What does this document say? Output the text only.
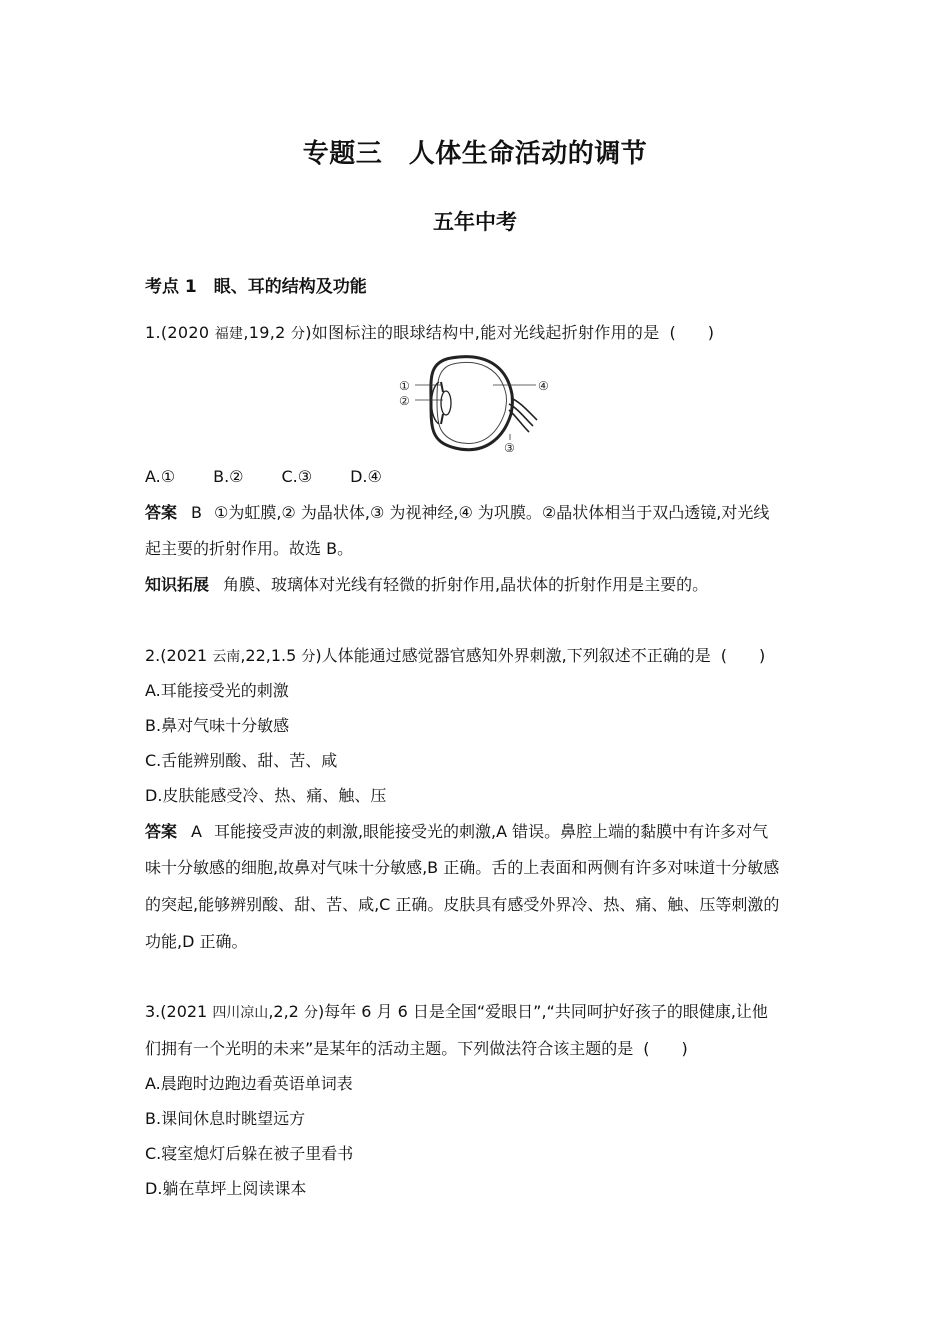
专题三　人体生命活动的调节
五年中考
考点 1　眼、耳的结构及功能
1.(2020 福建,19,2 分)如图标注的眼球结构中,能对光线起折射作用的是 (　　)
①
②
③
④
A.① B.② C.③ D.④
答案 B ①为虹膜,② 为晶状体,③ 为视神经,④ 为巩膜。②晶状体相当于双凸透镜,对光线
起主要的折射作用。故选 B。
知识拓展 角膜、玻璃体对光线有轻微的折射作用,晶状体的折射作用是主要的。
2.(2021 云南,22,1.5 分)人体能通过感觉器官感知外界刺激,下列叙述不正确的是 (　　)
A.耳能接受光的刺激
B.鼻对气味十分敏感
C.舌能辨别酸、甜、苦、咸
D.皮肤能感受冷、热、痛、触、压
答案 A 耳能接受声波的刺激,眼能接受光的刺激,A 错误。鼻腔上端的黏膜中有许多对气
味十分敏感的细胞,故鼻对气味十分敏感,B 正确。舌的上表面和两侧有许多对味道十分敏感
的突起,能够辨别酸、甜、苦、咸,C 正确。皮肤具有感受外界冷、热、痛、触、压等刺激的
功能,D 正确。
3.(2021 四川凉山,2,2 分)每年 6 月 6 日是全国“爱眼日”,“共同呵护好孩子的眼健康,让他
们拥有一个光明的未来”是某年的活动主题。下列做法符合该主题的是 (　　)
A.晨跑时边跑边看英语单词表
B.课间休息时眺望远方
C.寝室熄灯后躲在被子里看书
D.躺在草坪上阅读课本
